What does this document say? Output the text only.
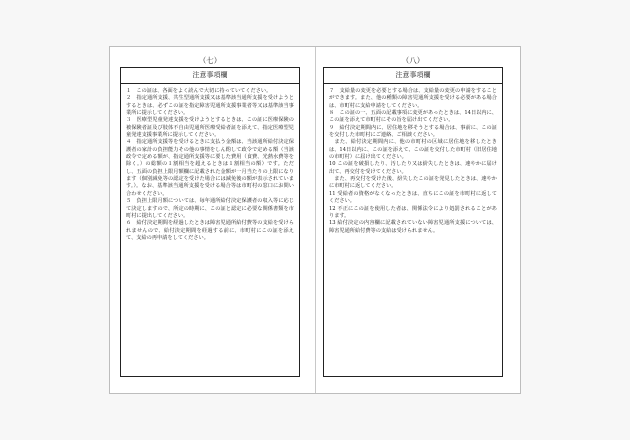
（七）
注意事項欄

１　この証は、各面をよく読んで大切に持っていてください。

２　指定通所支援、共生型通所支援又は基準該当通所支援を受けようとするときは、必ずこの証を指定障害児通所支援事業者等又は基準該当事業所に提示してください。

３　医療型児童発達支援を受けようとするときは、この証に医療保険の被保険者証及び肢体不自由児通所医療受給者証を添えて、指定医療型児童発達支援事業所に提示してください。

４　指定通所支援等を受けるときに支払う金額は、当該通所給付決定保護者の家計の負担能力その他の事情をしん酌して政令で定める額（当該政令で定める額が、指定通所支援等に要した費用（食費、光熱水費等を除く。）の総額の１割相当を超えるときは１割相当の額）です。ただし、五面の負担上限月額欄に記載された金額が一月当たりの上限になります（個別減免等の認定を受けた場合には減免後の額が表示されています。）。なお、基準該当通所支援を受ける場合等は市町村の窓口にお問い合わせください。

５　負担上限月額については、毎年通所給付決定保護者の収入等に応じて決定しますので、所定の時期に、この証と認定に必要な関係書類を市町村に提出してください。

６　給付決定期間を経過したときは障害児通所給付費等の支給を受けられませんので、給付決定期間を経過する前に、市町村にこの証を添えて、支給の再申請をしてください。

（八）
注意事項欄

７　支給量の変更を必要とする場合は、支給量の変更の申請をすることができます。また、他の種類の障害児通所支援を受ける必要がある場合は、市町村に支給申請をしてください。

８　この証の一、五面の記載事項に変更があったときは、14日以内に、この証を添えて市町村にその旨を届け出てください。

９　給付決定期間内に、居住地を移そうとする場合は、事前に、この証を交付した市町村にご連絡、ご相談ください。

　また、給付決定期間内に、他の市町村の区域に居住地を移したときは、14日以内に、この証を添えて、この証を交付した市町村（旧居住地の市町村）に届け出てください。

10 この証を破損したり、汚したり又は紛失したときは、速やかに届け出て、再交付を受けてください。

　また、再交付を受けた後、紛失したこの証を発見したときは、速やかに市町村に返してください。

11 受給者の資格がなくなったときは、直ちにこの証を市町村に返してください。

12 不正にこの証を使用した者は、関係法令により処罰されることがあります。

13 給付決定の内容欄に記載されていない障害児通所支援については、障害児通所給付費等の支給は受けられません。
